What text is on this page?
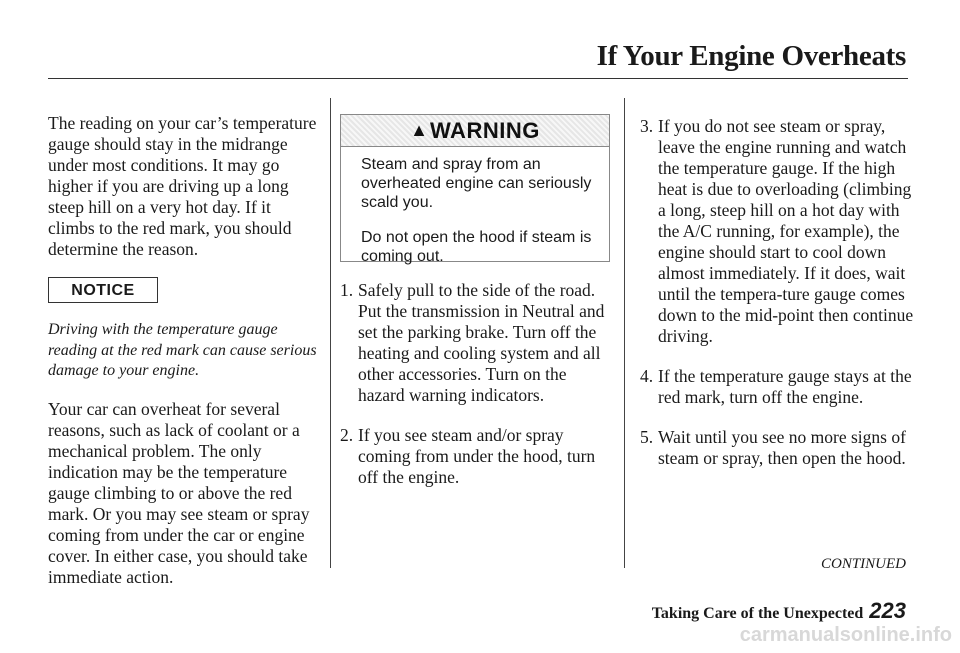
If Your Engine Overheats

The reading on your car’s temperature gauge should stay in the midrange under most conditions. It may go higher if you are driving up a long steep hill on a very hot day. If it climbs to the red mark, you should determine the reason.

NOTICE

Driving with the temperature gauge reading at the red mark can cause serious damage to your engine.

Your car can overheat for several reasons, such as lack of coolant or a mechanical problem. The only indication may be the temperature gauge climbing to or above the red mark. Or you may see steam or spray coming from under the car or engine cover. In either case, you should take immediate action.

▲ WARNING

Steam and spray from an overheated engine can seriously scald you.

Do not open the hood if steam is coming out.

1. Safely pull to the side of the road. Put the transmission in Neutral and set the parking brake. Turn off the heating and cooling system and all other accessories. Turn on the hazard warning indicators.

2. If you see steam and/or spray coming from under the hood, turn off the engine.

3. If you do not see steam or spray, leave the engine running and watch the temperature gauge. If the high heat is due to overloading (climbing a long, steep hill on a hot day with the A/C running, for example), the engine should start to cool down almost immediately. If it does, wait until the tempera-ture gauge comes down to the mid-point then continue driving.

4. If the temperature gauge stays at the red mark, turn off the engine.

5. Wait until you see no more signs of steam or spray, then open the hood.

CONTINUED
Taking Care of the Unexpected 223
carmanualsonline.info
